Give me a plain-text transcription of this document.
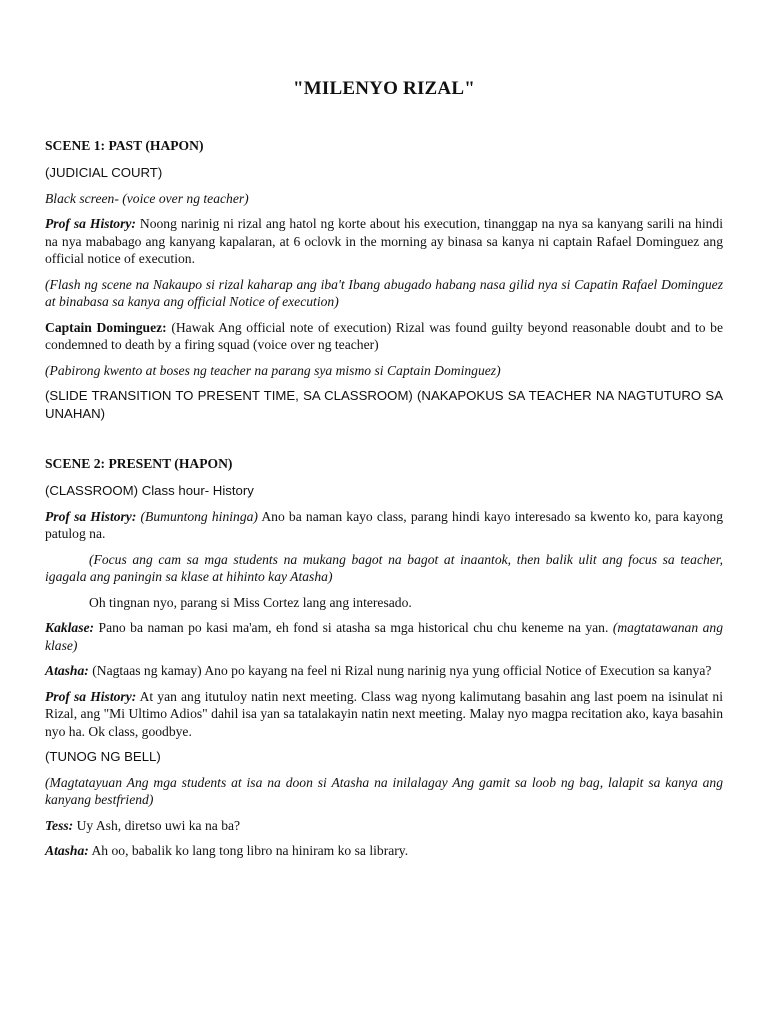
"MILENYO RIZAL"
SCENE 1: PAST (HAPON)

(JUDICIAL COURT)

Black screen- (voice over ng teacher)

Prof sa History: Noong narinig ni rizal ang hatol ng korte about his execution, tinanggap na nya sa kanyang sarili na hindi na nya mababago ang kanyang kapalaran, at 6 oclovk in the morning ay binasa sa kanya ni captain Rafael Dominguez ang official notice of execution.

(Flash ng scene na Nakaupo si rizal kaharap ang iba't Ibang abugado habang nasa gilid nya si Capatin Rafael Dominguez at binabasa sa kanya ang official Notice of execution)

Captain Dominguez: (Hawak Ang official note of execution) Rizal was found guilty beyond reasonable doubt and to be condemned to death by a firing squad (voice over ng teacher)

(Pabirong kwento at boses ng teacher na parang sya mismo si Captain Dominguez)

(SLIDE TRANSITION TO PRESENT TIME, SA CLASSROOM) (NAKAPOKUS SA TEACHER NA NAGTUTURO SA UNAHAN)

SCENE 2: PRESENT (HAPON)

(CLASSROOM) Class hour- History

Prof sa History: (Bumuntong hininga) Ano ba naman kayo class, parang hindi kayo interesado sa kwento ko, para kayong patulog na.

(Focus ang cam sa mga students na mukang bagot na bagot at inaantok, then balik ulit ang focus sa teacher, igagala ang paningin sa klase at hihinto kay Atasha)

Oh tingnan nyo, parang si Miss Cortez lang ang interesado.

Kaklase: Pano ba naman po kasi ma'am, eh fond si atasha sa mga historical chu chu keneme na yan. (magtatawanan ang klase)

Atasha: (Nagtaas ng kamay) Ano po kayang na feel ni Rizal nung narinig nya yung official Notice of Execution sa kanya?

Prof sa History: At yan ang itutuloy natin next meeting. Class wag nyong kalimutang basahin ang last poem na isinulat ni Rizal, ang "Mi Ultimo Adios" dahil isa yan sa tatalakayin natin next meeting. Malay nyo magpa recitation ako, kaya basahin nyo ha. Ok class, goodbye.

(TUNOG NG BELL)

(Magtatayuan Ang mga students at isa na doon si Atasha na inilalagay Ang gamit sa loob ng bag, lalapit sa kanya ang kanyang bestfriend)

Tess: Uy Ash, diretso uwi ka na ba?

Atasha: Ah oo, babalik ko lang tong libro na hiniram ko sa library.
